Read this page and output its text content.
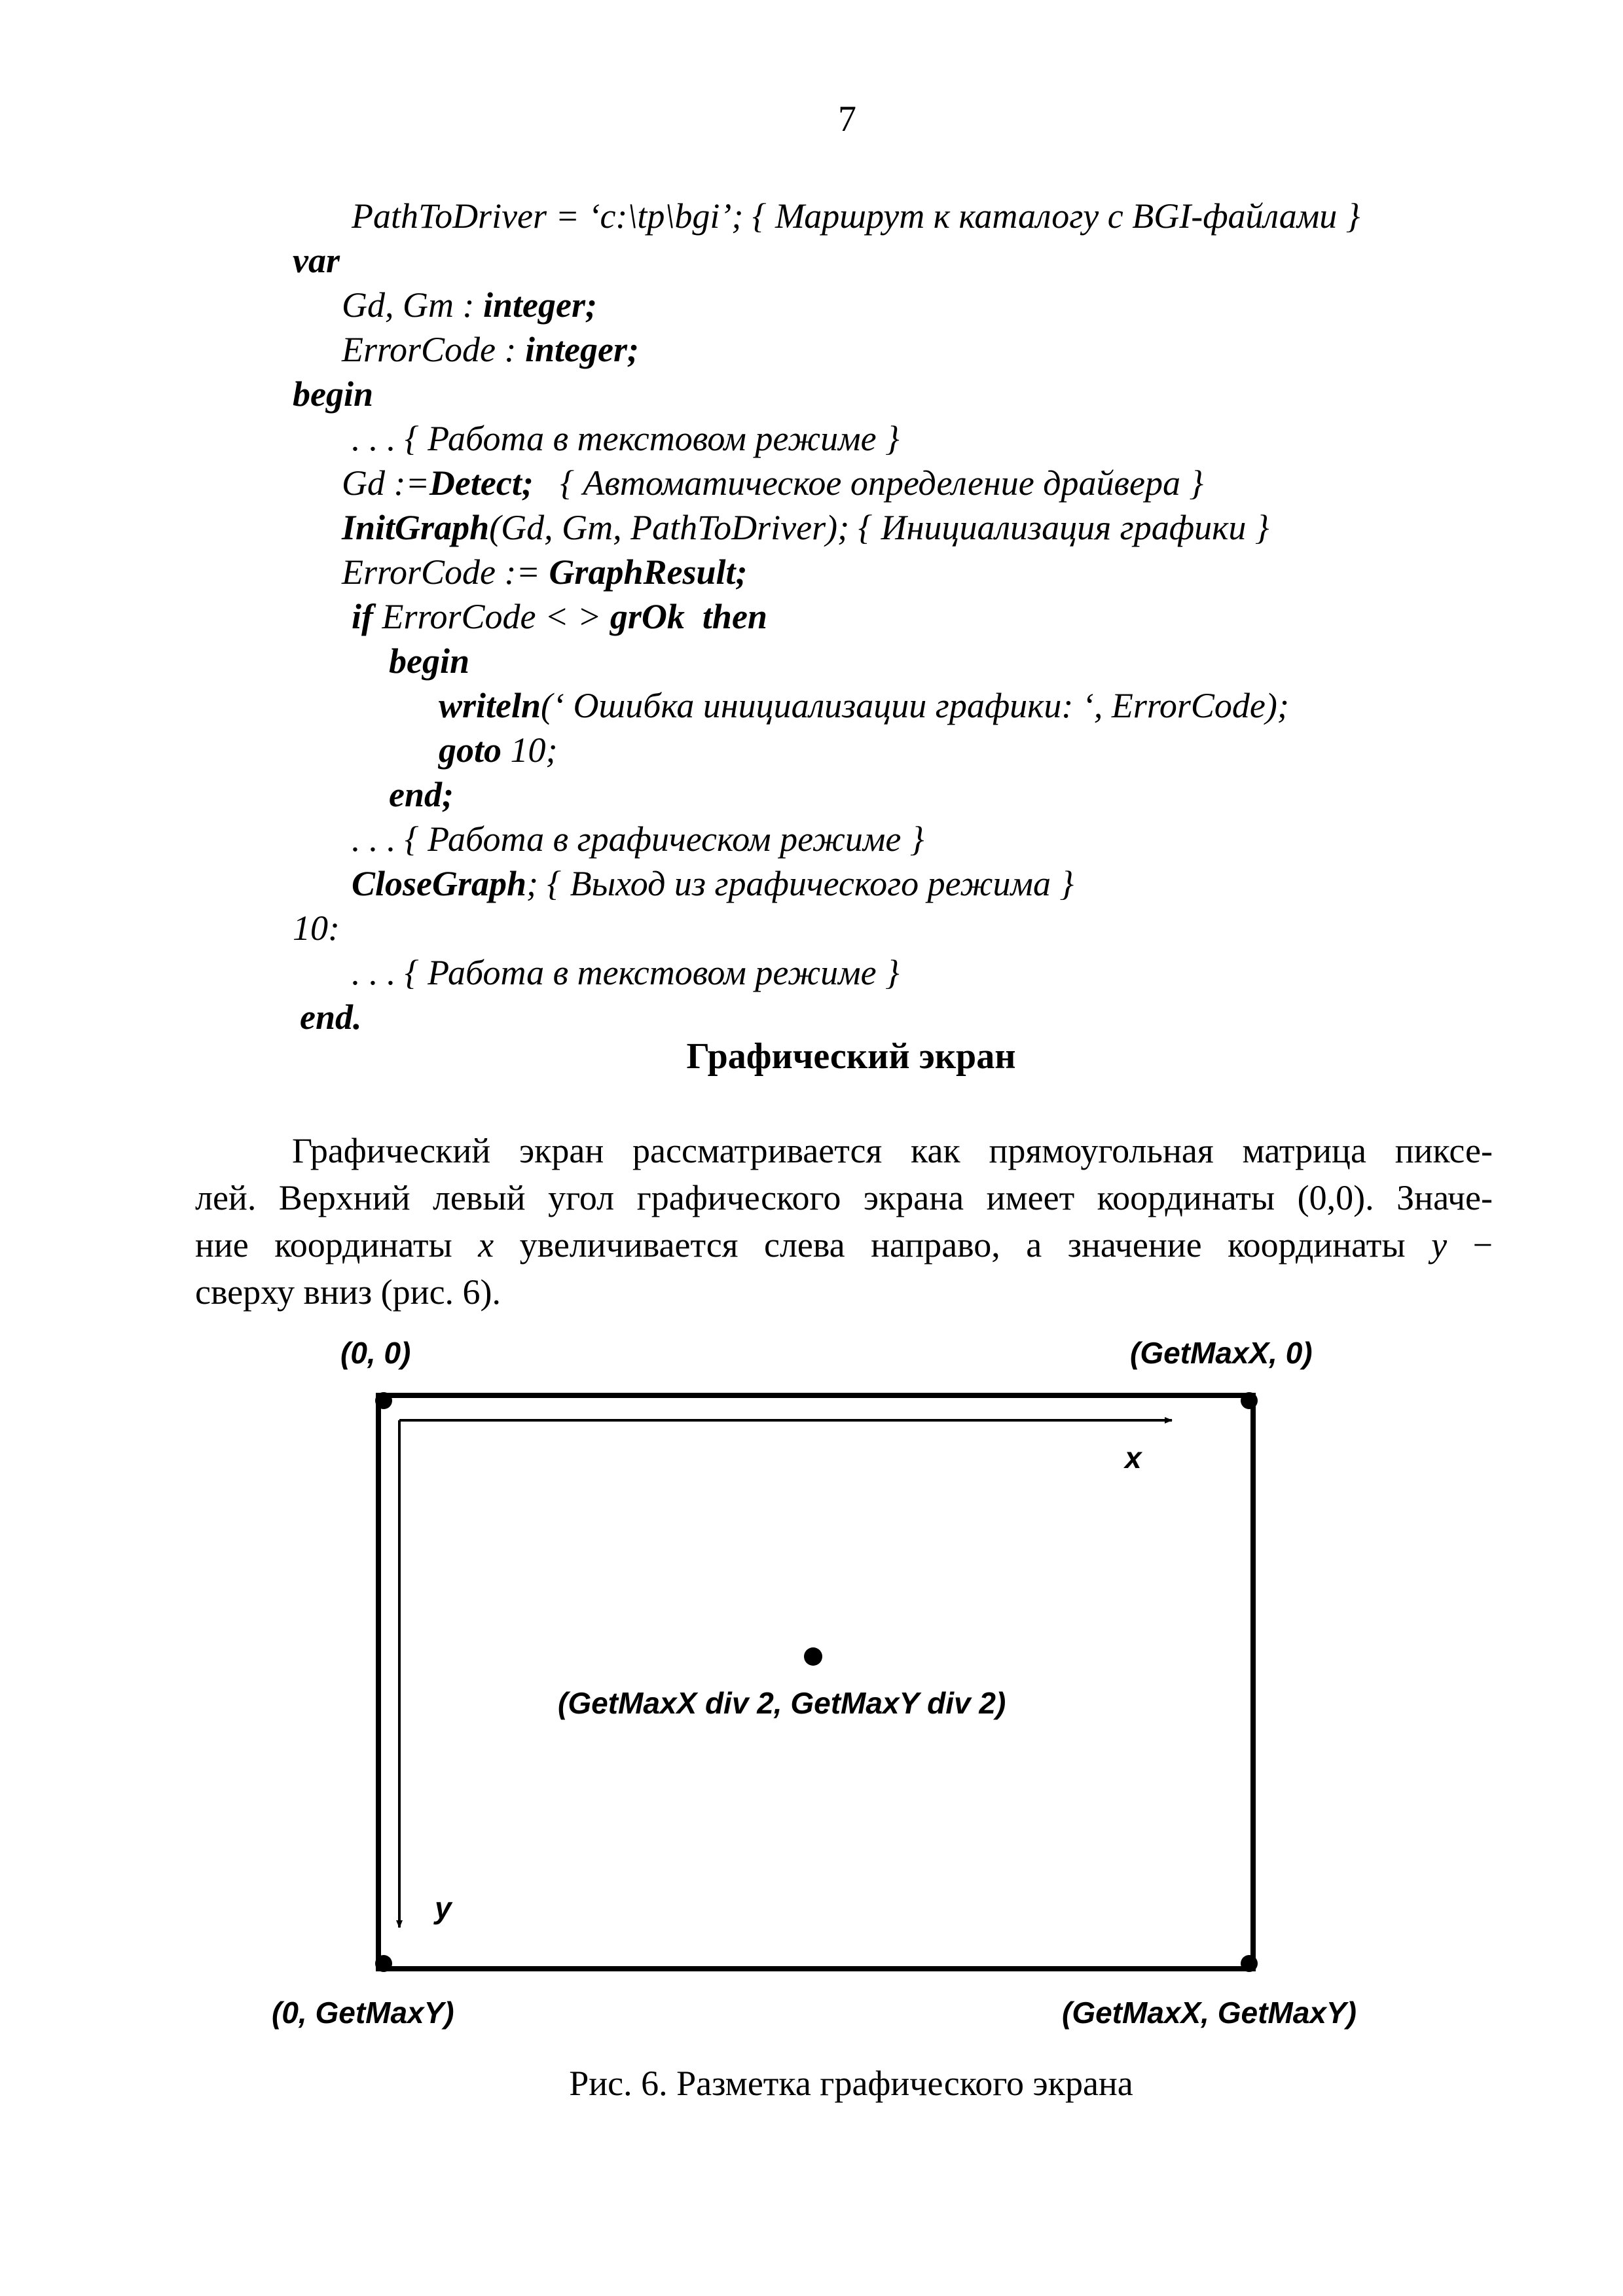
7
PathToDriver = ‘c:\tp\bgi’; { Маршрут к каталогу с BGI-файлами }
var
Gd, Gm : integer;
ErrorCode : integer;
begin
. . . { Работа в текстовом режиме }
Gd :=Detect;   { Автоматическое определение драйвера }
InitGraph(Gd, Gm, PathToDriver); { Инициализация графики }
ErrorCode := GraphResult;
if ErrorCode < > grOk  then
begin
writeln(‘ Ошибка инициализации графики: ‘, ErrorCode);
goto 10;
end;
. . . { Работа в графическом режиме }
CloseGraph; { Выход из графического режима }
10:
. . . { Работа в текстовом режиме }
end.
Графический экран
Графический экран рассматривается как прямоугольная матрица пиксе-
лей. Верхний левый угол графического экрана имеет координаты (0,0). Значе-
ние координаты x увеличивается слева направо, а значение координаты y −
сверху вниз (рис. 6).
(0, 0)	(GetMaxX, 0)
x
(GetMaxX div 2, GetMaxY div 2)
y
(0, GetMaxY)	(GetMaxX, GetMaxY)
Рис. 6. Разметка графического экрана
